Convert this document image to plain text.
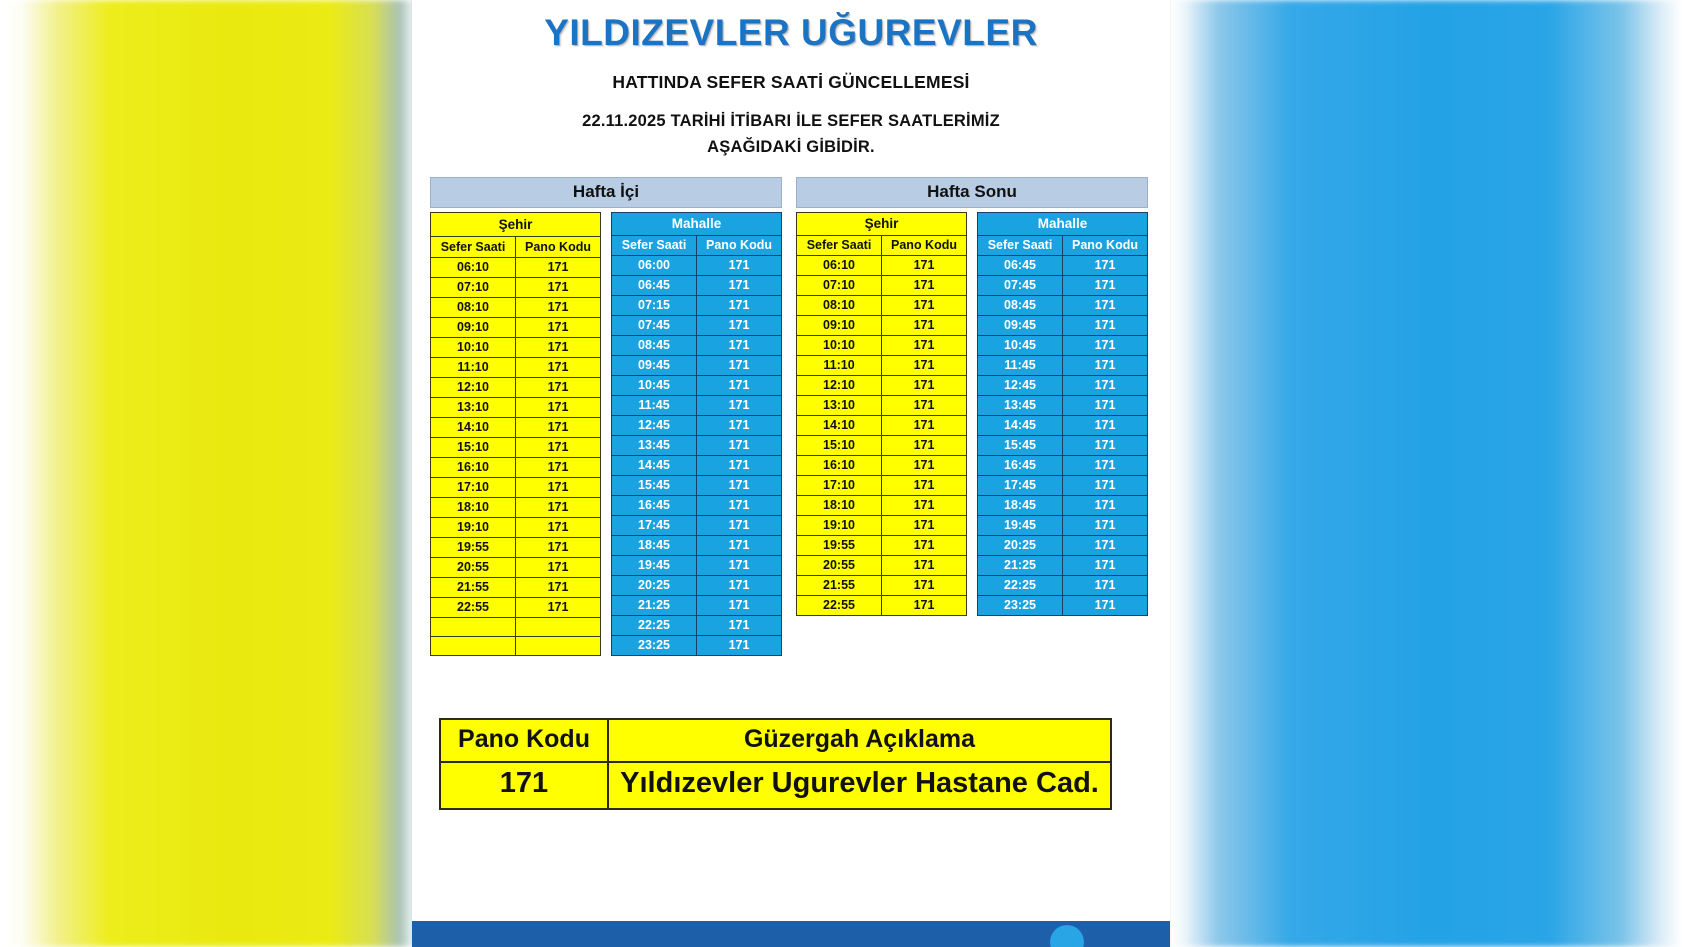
YILDIZEVLER UĞUREVLER
HATTINDA SEFER SAATİ GÜNCELLEMESİ
22.11.2025 TARİHİ İTİBARI İLE SEFER SAATLERİMİZ
AŞAĞIDAKİ GİBİDİR.
Hafta İçi
Şehir	
Sefer Saati	Pano Kodu
06:10	171
07:10	171
08:10	171
09:10	171
10:10	171
11:10	171
12:10	171
13:10	171
14:10	171
15:10	171
16:10	171
17:10	171
18:10	171
19:10	171
19:55	171
20:55	171
21:55	171
22:55	171

Mahalle	
Sefer Saati	Pano Kodu
06:00	171
06:45	171
07:15	171
07:45	171
08:45	171
09:45	171
10:45	171
11:45	171
12:45	171
13:45	171
14:45	171
15:45	171
16:45	171
17:45	171
18:45	171
19:45	171
20:25	171
21:25	171
22:25	171
23:25	171
Hafta Sonu
Şehir	
Sefer Saati	Pano Kodu
06:10	171
07:10	171
08:10	171
09:10	171
10:10	171
11:10	171
12:10	171
13:10	171
14:10	171
15:10	171
16:10	171
17:10	171
18:10	171
19:10	171
19:55	171
20:55	171
21:55	171
22:55	171
Mahalle	
Sefer Saati	Pano Kodu
06:45	171
07:45	171
08:45	171
09:45	171
10:45	171
11:45	171
12:45	171
13:45	171
14:45	171
15:45	171
16:45	171
17:45	171
18:45	171
19:45	171
20:25	171
21:25	171
22:25	171
23:25	171
Pano Kodu	Güzergah Açıklama
171	Yıldızevler Ugurevler Hastane Cad.
